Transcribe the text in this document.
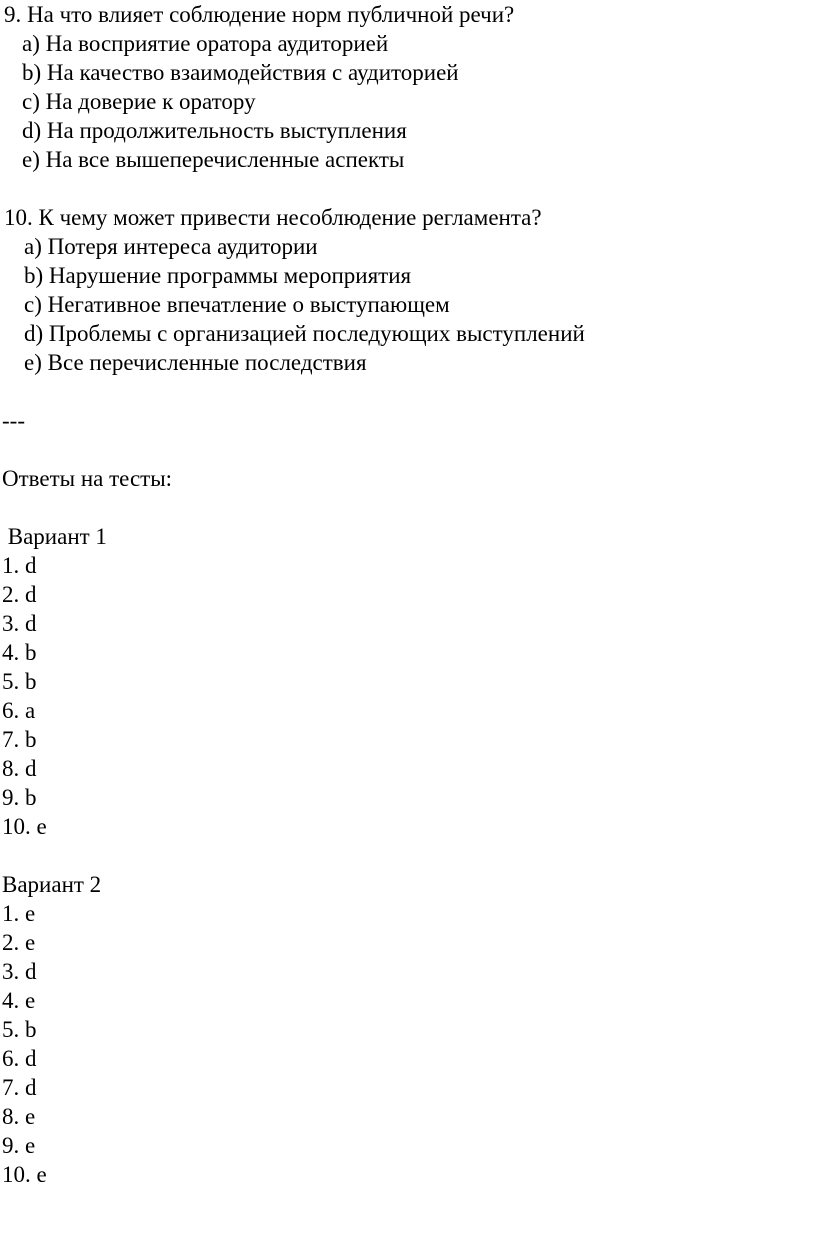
9. На что влияет соблюдение норм публичной речи?
a) На восприятие оратора аудиторией
b) На качество взаимодействия с аудиторией
c) На доверие к оратору
d) На продолжительность выступления
e) На все вышеперечисленные аспекты
10. К чему может привести несоблюдение регламента?
a) Потеря интереса аудитории
b) Нарушение программы мероприятия
c) Негативное впечатление о выступающем
d) Проблемы с организацией последующих выступлений
e) Все перечисленные последствия
---
Ответы на тесты:
Вариант 1
1. d
2. d
3. d
4. b
5. b
6. a
7. b
8. d
9. b
10. e
Вариант 2
1. e
2. e
3. d
4. e
5. b
6. d
7. d
8. e
9. e
10. e
